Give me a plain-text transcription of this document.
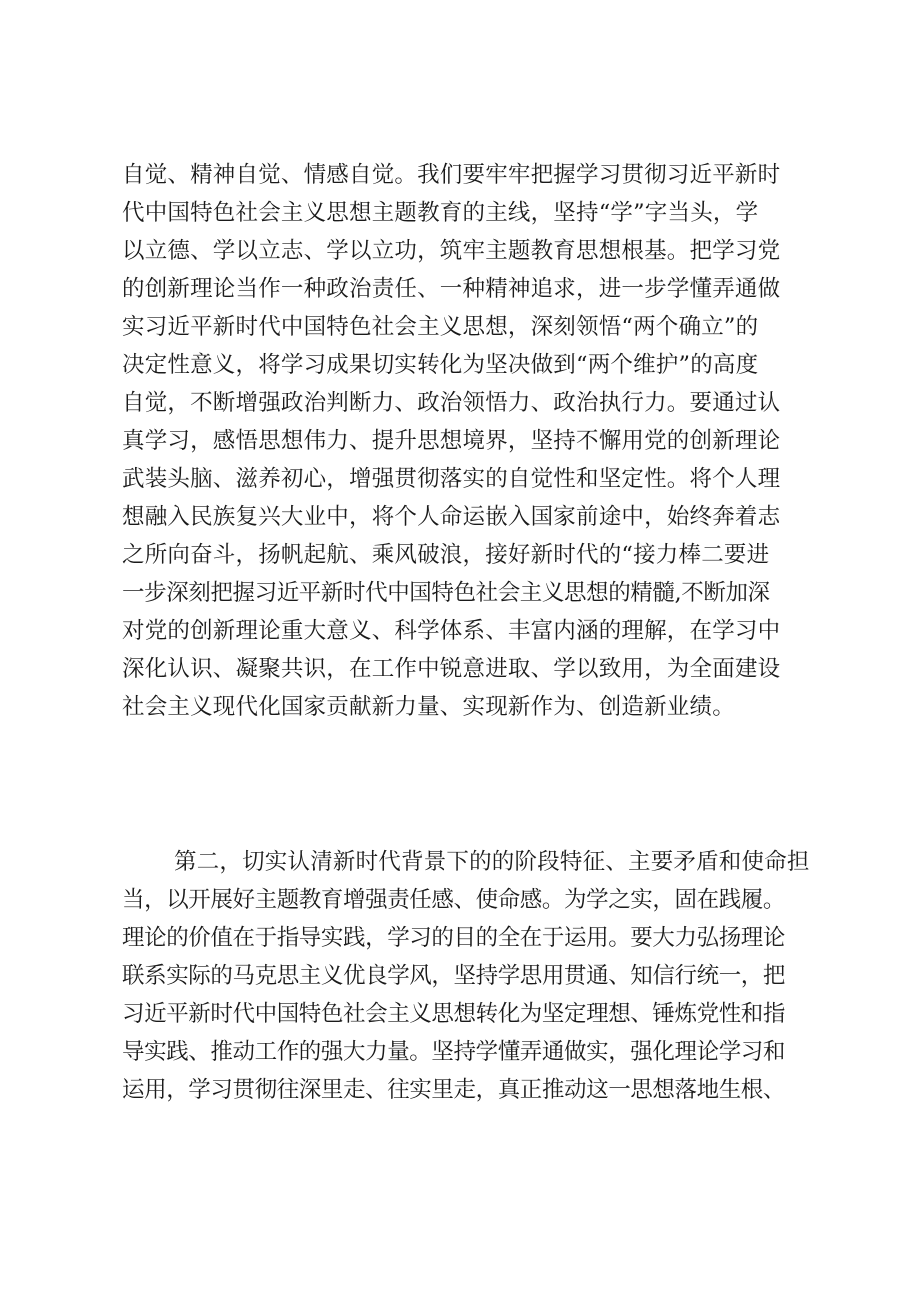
自觉、精神自觉、情感自觉。我们要牢牢把握学习贯彻习近平新时
代中国特色社会主义思想主题教育的主线，坚持“学”字当头，学
以立德、学以立志、学以立功，筑牢主题教育思想根基。把学习党
的创新理论当作一种政治责任、一种精神追求，进一步学懂弄通做
实习近平新时代中国特色社会主义思想，深刻领悟“两个确立”的
决定性意义，将学习成果切实转化为坚决做到“两个维护”的高度
自觉，不断增强政治判断力、政治领悟力、政治执行力。要通过认
真学习，感悟思想伟力、提升思想境界，坚持不懈用党的创新理论
武装头脑、滋养初心，增强贯彻落实的自觉性和坚定性。将个人理
想融入民族复兴大业中，将个人命运嵌入国家前途中，始终奔着志
之所向奋斗，扬帆起航、乘风破浪，接好新时代的“接力棒二要进
一步深刻把握习近平新时代中国特色社会主义思想的精髓,不断加深
对党的创新理论重大意义、科学体系、丰富内涵的理解，在学习中
深化认识、凝聚共识，在工作中锐意进取、学以致用，为全面建设
社会主义现代化国家贡献新力量、实现新作为、创造新业绩。
第二，切实认清新时代背景下的的阶段特征、主要矛盾和使命担
当，以开展好主题教育增强责任感、使命感。为学之实，固在践履。
理论的价值在于指导实践，学习的目的全在于运用。要大力弘扬理论
联系实际的马克思主义优良学风，坚持学思用贯通、知信行统一，把
习近平新时代中国特色社会主义思想转化为坚定理想、锤炼党性和指
导实践、推动工作的强大力量。坚持学懂弄通做实，强化理论学习和
运用，学习贯彻往深里走、往实里走，真正推动这一思想落地生根、
